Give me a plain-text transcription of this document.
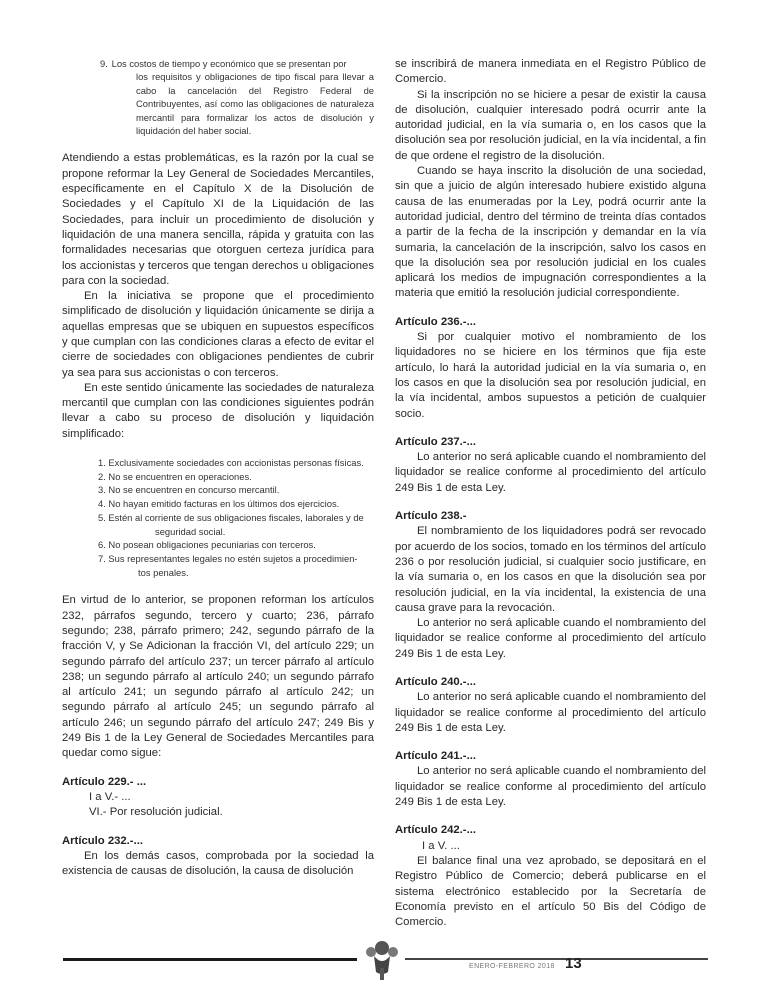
9. Los costos de tiempo y económico que se presentan por
los requisitos y obligaciones de tipo fiscal para llevar a cabo la cancelación del Registro Federal de Contribuyentes, así como las obligaciones de naturaleza mercantil para formalizar los actos de disolución y liquidación del haber social.

Atendiendo a estas problemáticas, es la razón por la cual se propone reformar la Ley General de Sociedades Mercantiles, específicamente en el Capítulo X de la Disolución de Sociedades y el Capítulo XI de la Liquidación de las Sociedades, para incluir un procedimiento de disolución y liquidación de una manera sencilla, rápida y gratuita con las formalidades necesarias que otorguen certeza jurídica para los accionistas y terceros que tengan derechos u obligaciones para con la sociedad.

En la iniciativa se propone que el procedimiento simplificado de disolución y liquidación únicamente se dirija a aquellas empresas que se ubiquen en supuestos específicos y que cumplan con las condiciones claras a efecto de evitar el cierre de sociedades con obligaciones pendientes de cubrir ya sea para sus accionistas o con terceros.

En este sentido únicamente las sociedades de naturaleza mercantil que cumplan con las condiciones siguientes podrán llevar a cabo su proceso de disolución y liquidación simplificado:

1. Exclusivamente sociedades con accionistas personas físicas.
2. No se encuentren en operaciones.
3. No se encuentren en concurso mercantil.
4. No hayan emitido facturas en los últimos dos ejercicios.
5. Estén al corriente de sus obligaciones fiscales, laborales y de
seguridad social.
6. No posean obligaciones pecuniarias con terceros.
7. Sus representantes legales no estén sujetos a procedimien-
tos penales.

En virtud de lo anterior, se proponen reforman los artículos 232, párrafos segundo, tercero y cuarto; 236, párrafo segundo; 238, párrafo primero; 242, segundo párrafo de la fracción V, y Se Adicionan la fracción VI, del artículo 229; un segundo párrafo del artículo 237; un tercer párrafo al artículo 238; un segundo párrafo al artículo 240; un segundo párrafo al artículo 241; un segundo párrafo al artículo 242; un segundo párrafo al artículo 245; un segundo párrafo al artículo 246; un segundo párrafo del artículo 247; 249 Bis y 249 Bis 1 de la Ley General de Sociedades Mercantiles para quedar como sigue:

Artículo 229.- ...

I a V.- ...

VI.- Por resolución judicial.

Artículo 232.-...

En los demás casos, comprobada por la sociedad la existencia de causas de disolución, la causa de disolución

se inscribirá de manera inmediata en el Registro Público de Comercio.

Si la inscripción no se hiciere a pesar de existir la causa de disolución, cualquier interesado podrá ocurrir ante la autoridad judicial, en la vía sumaria o, en los casos que la disolución sea por resolución judicial, en la vía incidental, a fin de que ordene el registro de la disolución.

Cuando se haya inscrito la disolución de una sociedad, sin que a juicio de algún interesado hubiere existido alguna causa de las enumeradas por la Ley, podrá ocurrir ante la autoridad judicial, dentro del término de treinta días contados a partir de la fecha de la inscripción y demandar en la vía sumaria, la cancelación de la inscripción, salvo los casos en que la disolución sea por resolución judicial en los cuales aplicará los medios de impugnación correspondientes a la materia que emitió la resolución judicial correspondiente.

Artículo 236.-...

Si por cualquier motivo el nombramiento de los liquidadores no se hiciere en los términos que fija este artículo, lo hará la autoridad judicial en la vía sumaria o, en los casos en que la disolución sea por resolución judicial, en la vía incidental, ambos supuestos a petición de cualquier socio.

Artículo 237.-...

Lo anterior no será aplicable cuando el nombramiento del liquidador se realice conforme al procedimiento del artículo 249 Bis 1 de esta Ley.

Artículo 238.-

El nombramiento de los liquidadores podrá ser revocado por acuerdo de los socios, tomado en los términos del artículo 236 o por resolución judicial, si cualquier socio justificare, en la vía sumaria o, en los casos en que la disolución sea por resolución judicial, en la vía incidental, la existencia de una causa grave para la revocación.

Lo anterior no será aplicable cuando el nombramiento del liquidador se realice conforme al procedimiento del artículo 249 Bis 1 de esta Ley.

Artículo 240.-...

Lo anterior no será aplicable cuando el nombramiento del liquidador se realice conforme al procedimiento del artículo 249 Bis 1 de esta Ley.

Artículo 241.-...

Lo anterior no será aplicable cuando el nombramiento del liquidador se realice conforme al procedimiento del artículo 249 Bis 1 de esta Ley.

Artículo 242.-...

I a V. ...

El balance final una vez aprobado, se depositará en el Registro Público de Comercio; deberá publicarse en el sistema electrónico establecido por la Secretaría de Economía previsto en el artículo 50 Bis del Código de Comercio.

ENERO-FEBRERO 2018 13
